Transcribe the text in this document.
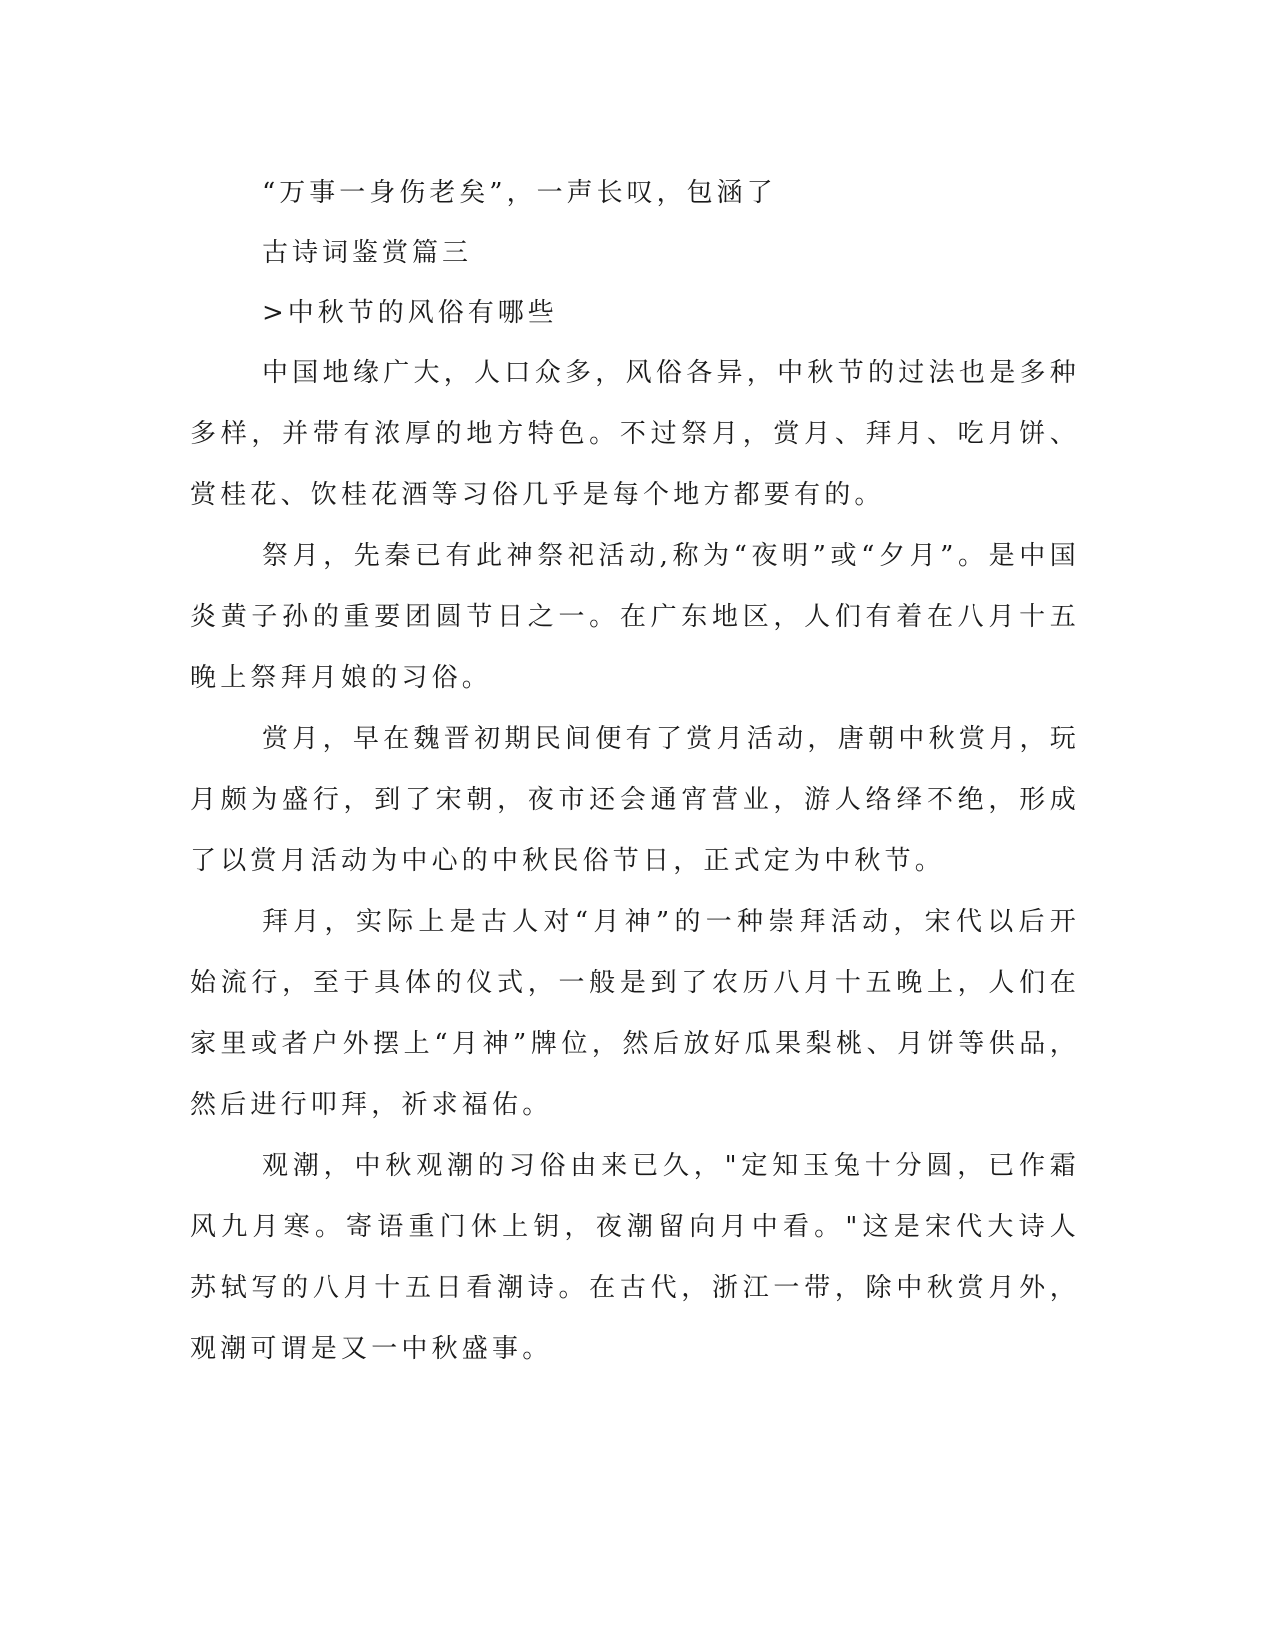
“万事一身伤老矣”，一声长叹，包涵了
古诗词鉴赏篇三
>中秋节的风俗有哪些

中国地缘广大，人口众多，风俗各异，中秋节的过法也是多种多样，并带有浓厚的地方特色。不过祭月，赏月、拜月、吃月饼、赏桂花、饮桂花酒等习俗几乎是每个地方都要有的。

祭月，先秦已有此神祭祀活动,称为“夜明”或“夕月”。是中国炎黄子孙的重要团圆节日之一。在广东地区，人们有着在八月十五晚上祭拜月娘的习俗。

赏月，早在魏晋初期民间便有了赏月活动，唐朝中秋赏月，玩月颇为盛行，到了宋朝，夜市还会通宵营业，游人络绎不绝，形成了以赏月活动为中心的中秋民俗节日，正式定为中秋节。

拜月，实际上是古人对“月神”的一种崇拜活动，宋代以后开始流行，至于具体的仪式，一般是到了农历八月十五晚上，人们在家里或者户外摆上“月神”牌位，然后放好瓜果梨桃、月饼等供品，然后进行叩拜，祈求福佑。

观潮，中秋观潮的习俗由来已久，"定知玉兔十分圆，已作霜风九月寒。寄语重门休上钥，夜潮留向月中看。"这是宋代大诗人苏轼写的八月十五日看潮诗。在古代，浙江一带，除中秋赏月外，观潮可谓是又一中秋盛事。
